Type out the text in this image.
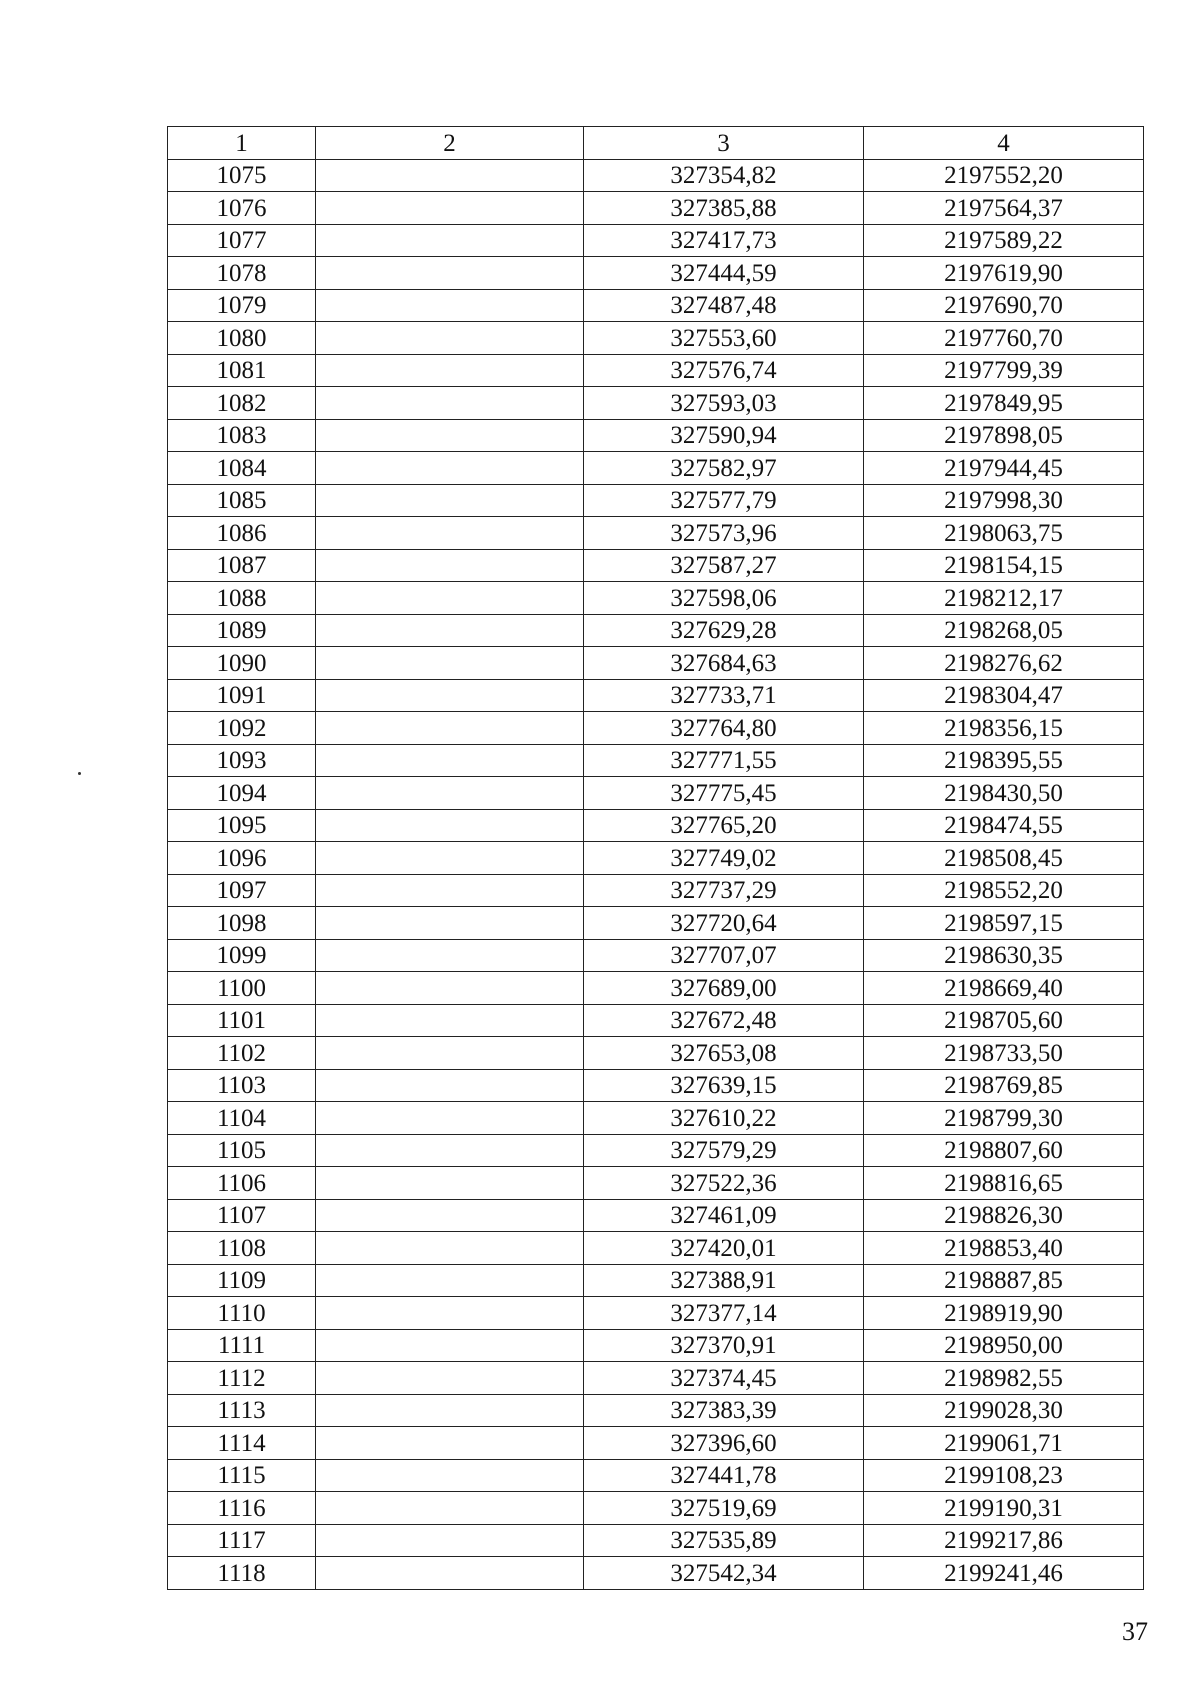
1	2	3	4
1075		327354,82	2197552,20
1076		327385,88	2197564,37
1077		327417,73	2197589,22
1078		327444,59	2197619,90
1079		327487,48	2197690,70
1080		327553,60	2197760,70
1081		327576,74	2197799,39
1082		327593,03	2197849,95
1083		327590,94	2197898,05
1084		327582,97	2197944,45
1085		327577,79	2197998,30
1086		327573,96	2198063,75
1087		327587,27	2198154,15
1088		327598,06	2198212,17
1089		327629,28	2198268,05
1090		327684,63	2198276,62
1091		327733,71	2198304,47
1092		327764,80	2198356,15
1093		327771,55	2198395,55
1094		327775,45	2198430,50
1095		327765,20	2198474,55
1096		327749,02	2198508,45
1097		327737,29	2198552,20
1098		327720,64	2198597,15
1099		327707,07	2198630,35
1100		327689,00	2198669,40
1101		327672,48	2198705,60
1102		327653,08	2198733,50
1103		327639,15	2198769,85
1104		327610,22	2198799,30
1105		327579,29	2198807,60
1106		327522,36	2198816,65
1107		327461,09	2198826,30
1108		327420,01	2198853,40
1109		327388,91	2198887,85
1110		327377,14	2198919,90
1111		327370,91	2198950,00
1112		327374,45	2198982,55
1113		327383,39	2199028,30
1114		327396,60	2199061,71
1115		327441,78	2199108,23
1116		327519,69	2199190,31
1117		327535,89	2199217,86
1118		327542,34	2199241,46
37
